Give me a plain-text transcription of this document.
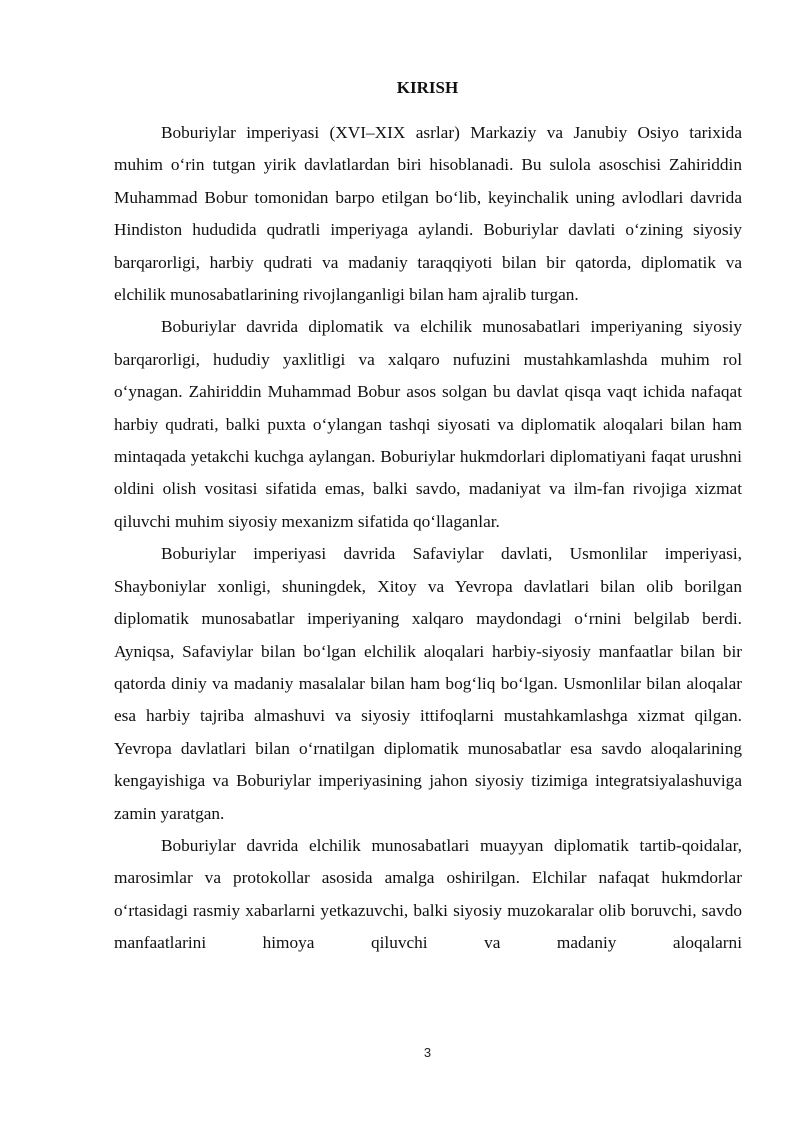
KIRISH

Boburiylar imperiyasi (XVI–XIX asrlar) Markaziy va Janubiy Osiyo tarixida muhim o‘rin tutgan yirik davlatlardan biri hisoblanadi. Bu sulola asoschisi Zahiriddin Muhammad Bobur tomonidan barpo etilgan bo‘lib, keyinchalik uning avlodlari davrida Hindiston hududida qudratli imperiyaga aylandi. Boburiylar davlati o‘zining siyosiy barqarorligi, harbiy qudrati va madaniy taraqqiyoti bilan bir qatorda, diplomatik va elchilik munosabatlarining rivojlanganligi bilan ham ajralib turgan.

Boburiylar davrida diplomatik va elchilik munosabatlari imperiyaning siyosiy barqarorligi, hududiy yaxlitligi va xalqaro nufuzini mustahkamlashda muhim rol o‘ynagan. Zahiriddin Muhammad Bobur asos solgan bu davlat qisqa vaqt ichida nafaqat harbiy qudrati, balki puxta o‘ylangan tashqi siyosati va diplomatik aloqalari bilan ham mintaqada yetakchi kuchga aylangan. Boburiylar hukmdorlari diplomatiyani faqat urushni oldini olish vositasi sifatida emas, balki savdo, madaniyat va ilm-fan rivojiga xizmat qiluvchi muhim siyosiy mexanizm sifatida qo‘llaganlar.

Boburiylar imperiyasi davrida Safaviylar davlati, Usmonlilar imperiyasi, Shayboniylar xonligi, shuningdek, Xitoy va Yevropa davlatlari bilan olib borilgan diplomatik munosabatlar imperiyaning xalqaro maydondagi o‘rnini belgilab berdi. Ayniqsa, Safaviylar bilan bo‘lgan elchilik aloqalari harbiy-siyosiy manfaatlar bilan bir qatorda diniy va madaniy masalalar bilan ham bog‘liq bo‘lgan. Usmonlilar bilan aloqalar esa harbiy tajriba almashuvi va siyosiy ittifoqlarni mustahkamlashga xizmat qilgan. Yevropa davlatlari bilan o‘rnatilgan diplomatik munosabatlar esa savdo aloqalarining kengayishiga va Boburiylar imperiyasining jahon siyosiy tizimiga integratsiyalashuviga zamin yaratgan.

Boburiylar davrida elchilik munosabatlari muayyan diplomatik tartib-qoidalar, marosimlar va protokollar asosida amalga oshirilgan. Elchilar nafaqat hukmdorlar o‘rtasidagi rasmiy xabarlarni yetkazuvchi, balki siyosiy muzokaralar olib boruvchi, savdo manfaatlarini himoya qiluvchi va madaniy aloqalarni

3
